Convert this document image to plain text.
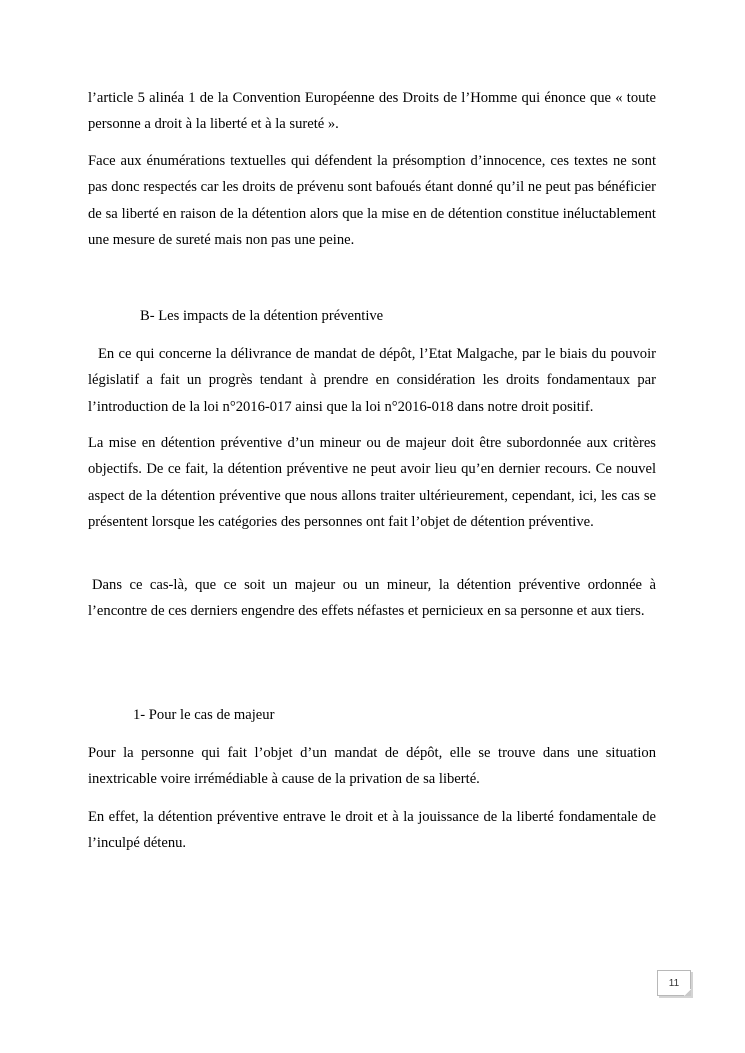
l’article 5 alinéa 1 de la Convention Européenne des Droits de l’Homme qui énonce que « toute personne a droit à la liberté et à la sureté ».

Face aux énumérations textuelles qui défendent la présomption d’innocence, ces textes ne sont pas donc respectés car les droits de prévenu sont bafoués étant donné qu’il ne peut pas bénéficier de sa liberté en raison de la détention alors que la mise en de détention constitue inéluctablement une mesure de sureté mais non pas une peine.

B- Les impacts de la détention préventive

En ce qui concerne la délivrance de mandat de dépôt, l’Etat Malgache, par le biais du pouvoir législatif a fait un progrès tendant à prendre en considération les droits fondamentaux par l’introduction de la loi n°2016-017 ainsi que la loi n°2016-018 dans notre droit positif.

La mise en détention préventive d’un mineur ou de majeur doit être subordonnée aux critères objectifs. De ce fait, la détention préventive ne peut avoir lieu qu’en dernier recours. Ce nouvel aspect de la détention préventive que nous allons traiter ultérieurement, cependant, ici, les cas se présentent lorsque les catégories des personnes ont fait l’objet de détention préventive.

Dans ce cas-là, que ce soit un majeur ou un mineur, la détention préventive ordonnée à l’encontre de ces derniers engendre des effets néfastes et pernicieux en sa personne et aux tiers.

1- Pour le cas de majeur

Pour la personne qui fait l’objet d’un mandat de dépôt, elle se trouve dans une situation inextricable voire irrémédiable à cause de la privation de sa liberté.

En effet, la détention préventive entrave le droit et à la jouissance de la liberté fondamentale de l’inculpé détenu.

11
